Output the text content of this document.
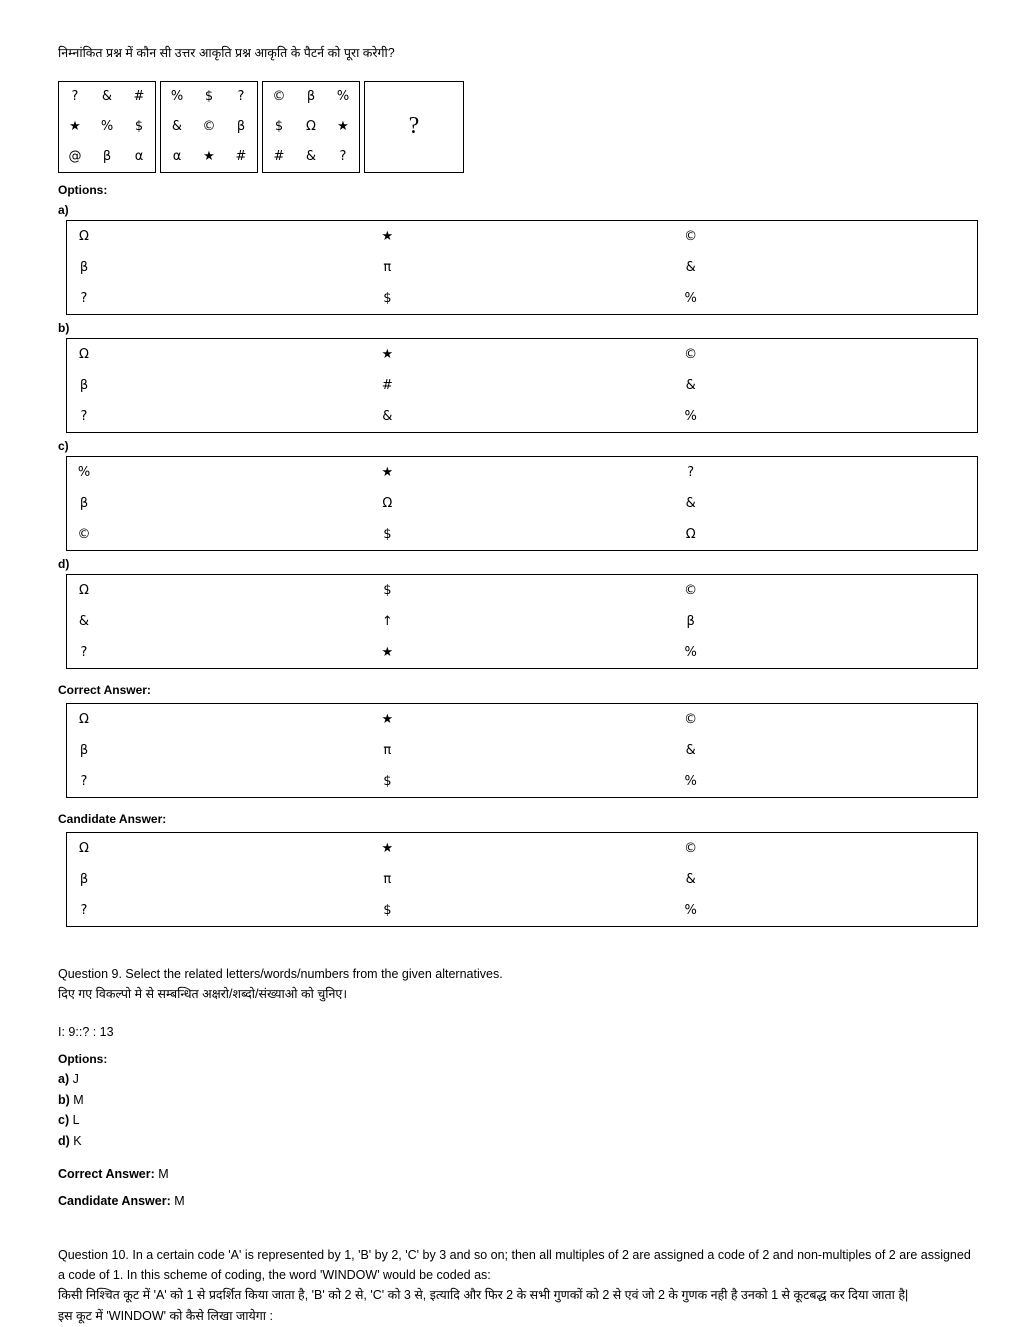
निम्नांकित प्रश्न में कौन सी उत्तर आकृति प्रश्न आकृति के पैटर्न को पूरा करेगी?
?	&	#
★	%	$
@	β	α
%	$	?
&	©	β
α	★	#
©	β	%
$	Ω	★
#	&	?
?
Options:
a)
Ω	★	©
β	π	&
?	$	%
b)
Ω	★	©
β	#	&
?	&	%
c)
%	★	?
β	Ω	&
©	$	Ω
d)
Ω	$	©
&	↑	β
?	★	%
Correct Answer:
Ω	★	©
β	π	&
?	$	%
Candidate Answer:
Ω	★	©
β	π	&
?	$	%
Question 9. Select the related letters/words/numbers from the given alternatives.
दिए गए विकल्पो मे से सम्बन्धित अक्षरो/शब्दो/संख्याओ को चुनिए।
I: 9::? : 13
Options:
a) J
b) M
c) L
d) K
Correct Answer: M
Candidate Answer: M
Question 10. In a certain code 'A' is represented by 1, 'B' by 2, 'C' by 3 and so on; then all multiples of 2 are assigned a code of 2 and non-multiples of 2 are assigned
a code of 1. In this scheme of coding, the word 'WINDOW' would be coded as:
किसी निश्चित कूट में 'A' को 1 से प्रदर्शित किया जाता है, 'B' को 2 से, 'C' को 3 से, इत्यादि और फिर 2 के सभी गुणकों को 2 से एवं जो 2 के गुणक नही है उनको 1 से कूटबद्ध कर दिया जाता है|
इस कूट में 'WINDOW' को कैसे लिखा जायेगा :
